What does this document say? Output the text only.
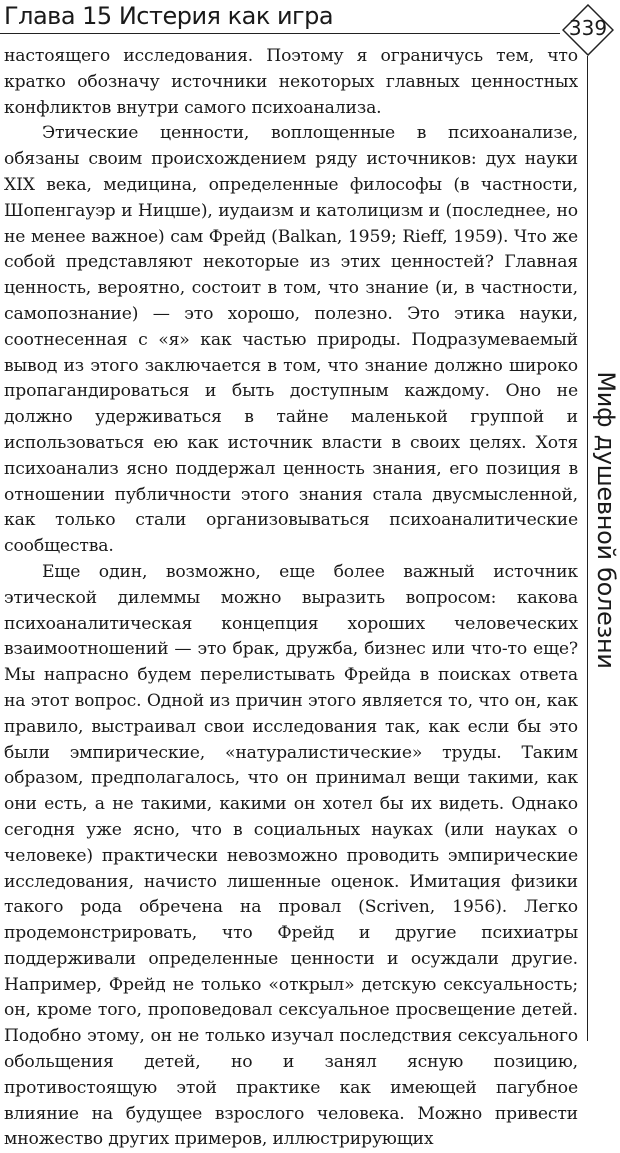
Глава 15 Истерия как игра	339
Миф душевной болезни

настоящего исследования. Поэтому я ограничусь тем, что кратко обозначу источники некоторых главных ценностных конфликтов внутри самого психоанализа.

Этические ценности, воплощенные в психоанализе, обязаны своим происхождением ряду источников: дух науки XIX века, медицина, определенные философы (в частности, Шопенгауэр и Ницше), иудаизм и католицизм и (последнее, но не менее важное) сам Фрейд (Balkan, 1959; Rieff, 1959). Что же собой представляют некоторые из этих ценностей? Главная ценность, вероятно, состоит в том, что знание (и, в частности, самопознание) — это хорошо, полезно. Это этика науки, соотнесенная с «я» как частью природы. Подразумеваемый вывод из этого заключается в том, что знание должно широко пропагандироваться и быть доступным каждому. Оно не должно удерживаться в тайне маленькой группой и использоваться ею как источник власти в своих целях. Хотя психоанализ ясно поддержал ценность знания, его позиция в отношении публичности этого знания стала двусмысленной, как только стали организовываться психоаналитические сообщества.

Еще один, возможно, еще более важный источник этической дилеммы можно выразить вопросом: какова психоаналитическая концепция хороших человеческих взаимоотношений — это брак, дружба, бизнес или что-то еще? Мы напрасно будем перелистывать Фрейда в поисках ответа на этот вопрос. Одной из причин этого является то, что он, как правило, выстраивал свои исследования так, как если бы это были эмпирические, «натуралистические» труды. Таким образом, предполагалось, что он принимал вещи такими, как они есть, а не такими, какими он хотел бы их видеть. Однако сегодня уже ясно, что в социальных науках (или науках о человеке) практически невозможно проводить эмпирические исследования, начисто лишенные оценок. Имитация физики такого рода обречена на провал (Scriven, 1956). Легко продемонстрировать, что Фрейд и другие психиатры поддерживали определенные ценности и осуждали другие. Например, Фрейд не только «открыл» детскую сексуальность; он, кроме того, проповедовал сексуальное просвещение детей. Подобно этому, он не только изучал последствия сексуального обольщения детей, но и занял ясную позицию, противостоящую этой практике как имеющей пагубное влияние на будущее взрослого человека. Можно привести множество других примеров, иллюстрирующих
